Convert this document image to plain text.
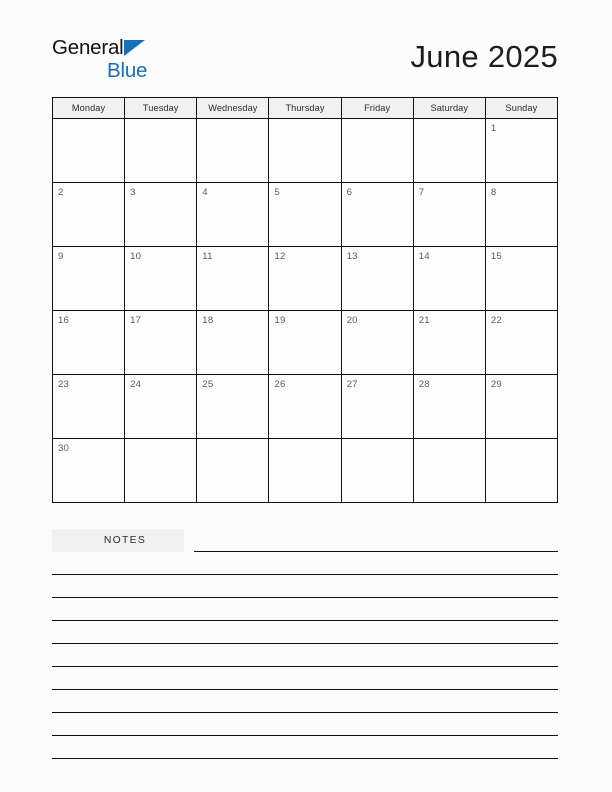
General
Blue	June 2025
Monday	Tuesday	Wednesday	Thursday	Friday	Saturday	Sunday

						1

2	3	4	5	6	7	8

9	10	11	12	13	14	15

16	17	18	19	20	21	22

23	24	25	26	27	28	29

30						

NOTES
